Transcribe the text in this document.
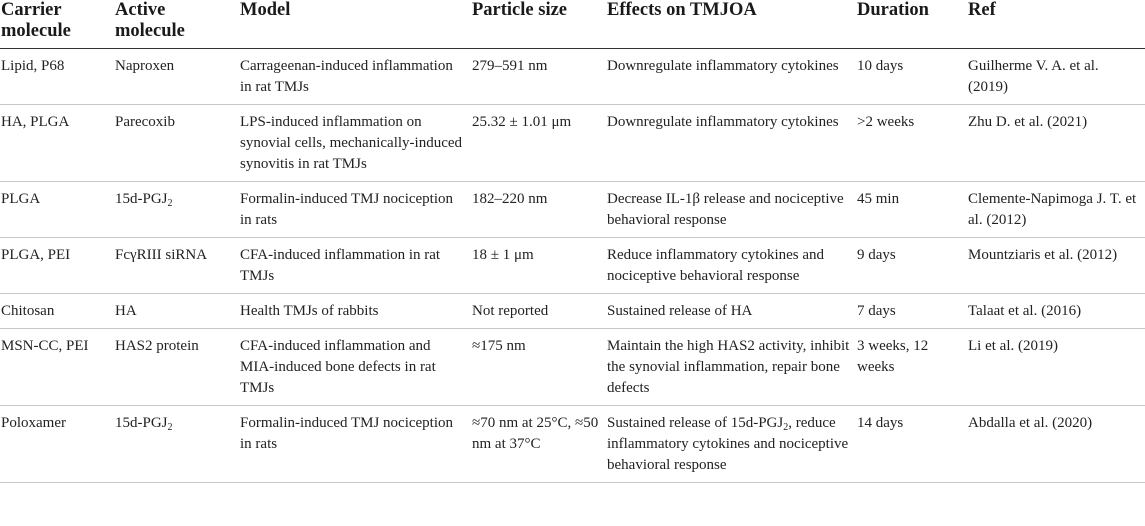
Carrier molecule	Active molecule	Model	Particle size	Effects on TMJOA	Duration	Ref
Lipid, P68	Naproxen	Carrageenan-induced inflammation in rat TMJs	279–591 nm	Downregulate inflammatory cytokines	10 days	Guilherme V. A. et al. (2019)
HA, PLGA	Parecoxib	LPS-induced inflammation on synovial cells, mechanically-induced synovitis in rat TMJs	25.32 ± 1.01 μm	Downregulate inflammatory cytokines	>2 weeks	Zhu D. et al. (2021)
PLGA	$15d-PGJ_2$	Formalin-induced TMJ nociception in rats	182–220 nm	Decrease IL-1β release and nociceptive behavioral response	45 min	Clemente-Napimoga J. T. et al. (2012)
PLGA, PEI	FcγRIII siRNA	CFA-induced inflammation in rat TMJs	18 ± 1 μm	Reduce inflammatory cytokines and nociceptive behavioral response	9 days	Mountziaris et al. (2012)
Chitosan	HA	Health TMJs of rabbits	Not reported	Sustained release of HA	7 days	Talaat et al. (2016)
MSN-CC, PEI	HAS2 protein	CFA-induced inflammation and MIA-induced bone defects in rat TMJs	≈175 nm	Maintain the high HAS2 activity, inhibit the synovial inflammation, repair bone defects	3 weeks, 12 weeks	Li et al. (2019)
Poloxamer	$15d-PGJ_2$	Formalin-induced TMJ nociception in rats	≈70 nm at 25°C, ≈50 nm at 37°C	Sustained release of $15d-PGJ_2$, reduce inflammatory cytokines and nociceptive behavioral response	14 days	Abdalla et al. (2020)
